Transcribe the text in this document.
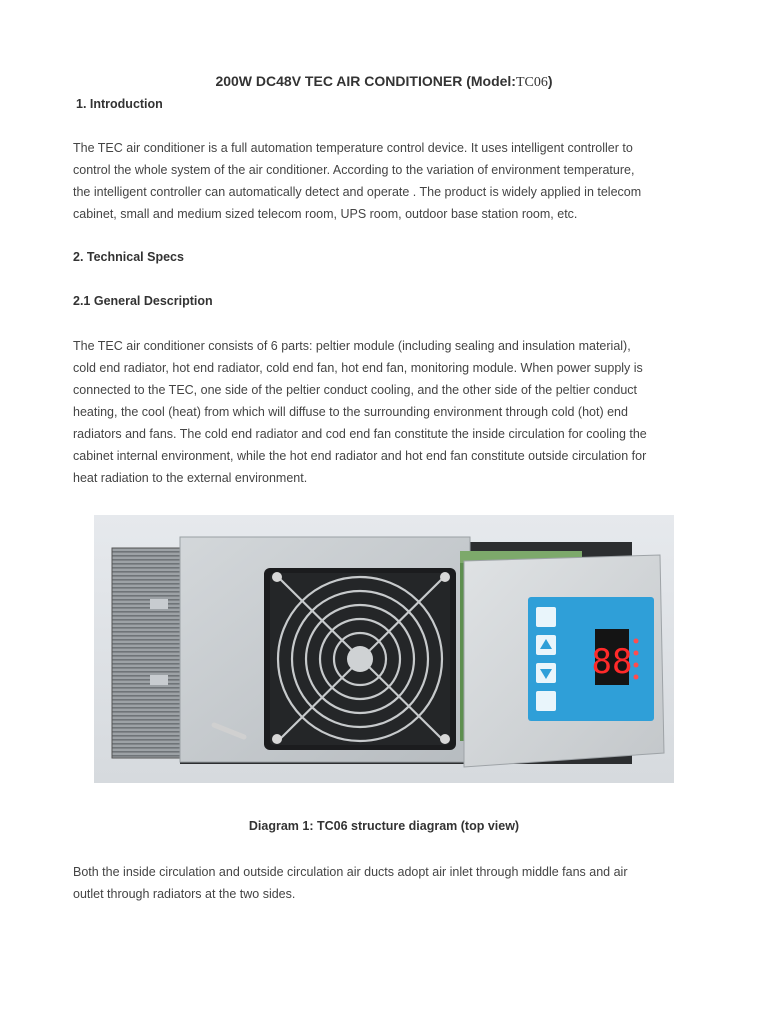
200W DC48V TEC AIR CONDITIONER (Model:TC06)
1. Introduction
The TEC air conditioner is a full automation temperature control device. It uses intelligent controller to
control the whole system of the air conditioner. According to the variation of environment temperature,
the intelligent controller can automatically detect and operate . The product is widely applied in telecom
cabinet, small and medium sized telecom room, UPS room, outdoor base station room, etc.
2. Technical Specs
2.1 General Description
The TEC air conditioner consists of 6 parts: peltier module (including sealing and insulation material),
cold end radiator, hot end radiator, cold end fan, hot end fan, monitoring module. When power supply is
connected to the TEC, one side of the peltier conduct cooling, and the other side of the peltier conduct
heating, the cool (heat) from which will diffuse to the surrounding environment through cold (hot) end
radiators and fans. The cold end radiator and cod end fan constitute the inside circulation for cooling the
cabinet internal environment, while the hot end radiator and hot end fan constitute outside circulation for
heat radiation to the external environment.
88
Diagram 1: TC06 structure diagram (top view)
Both the inside circulation and outside circulation air ducts adopt air inlet through middle fans and air
outlet through radiators at the two sides.
